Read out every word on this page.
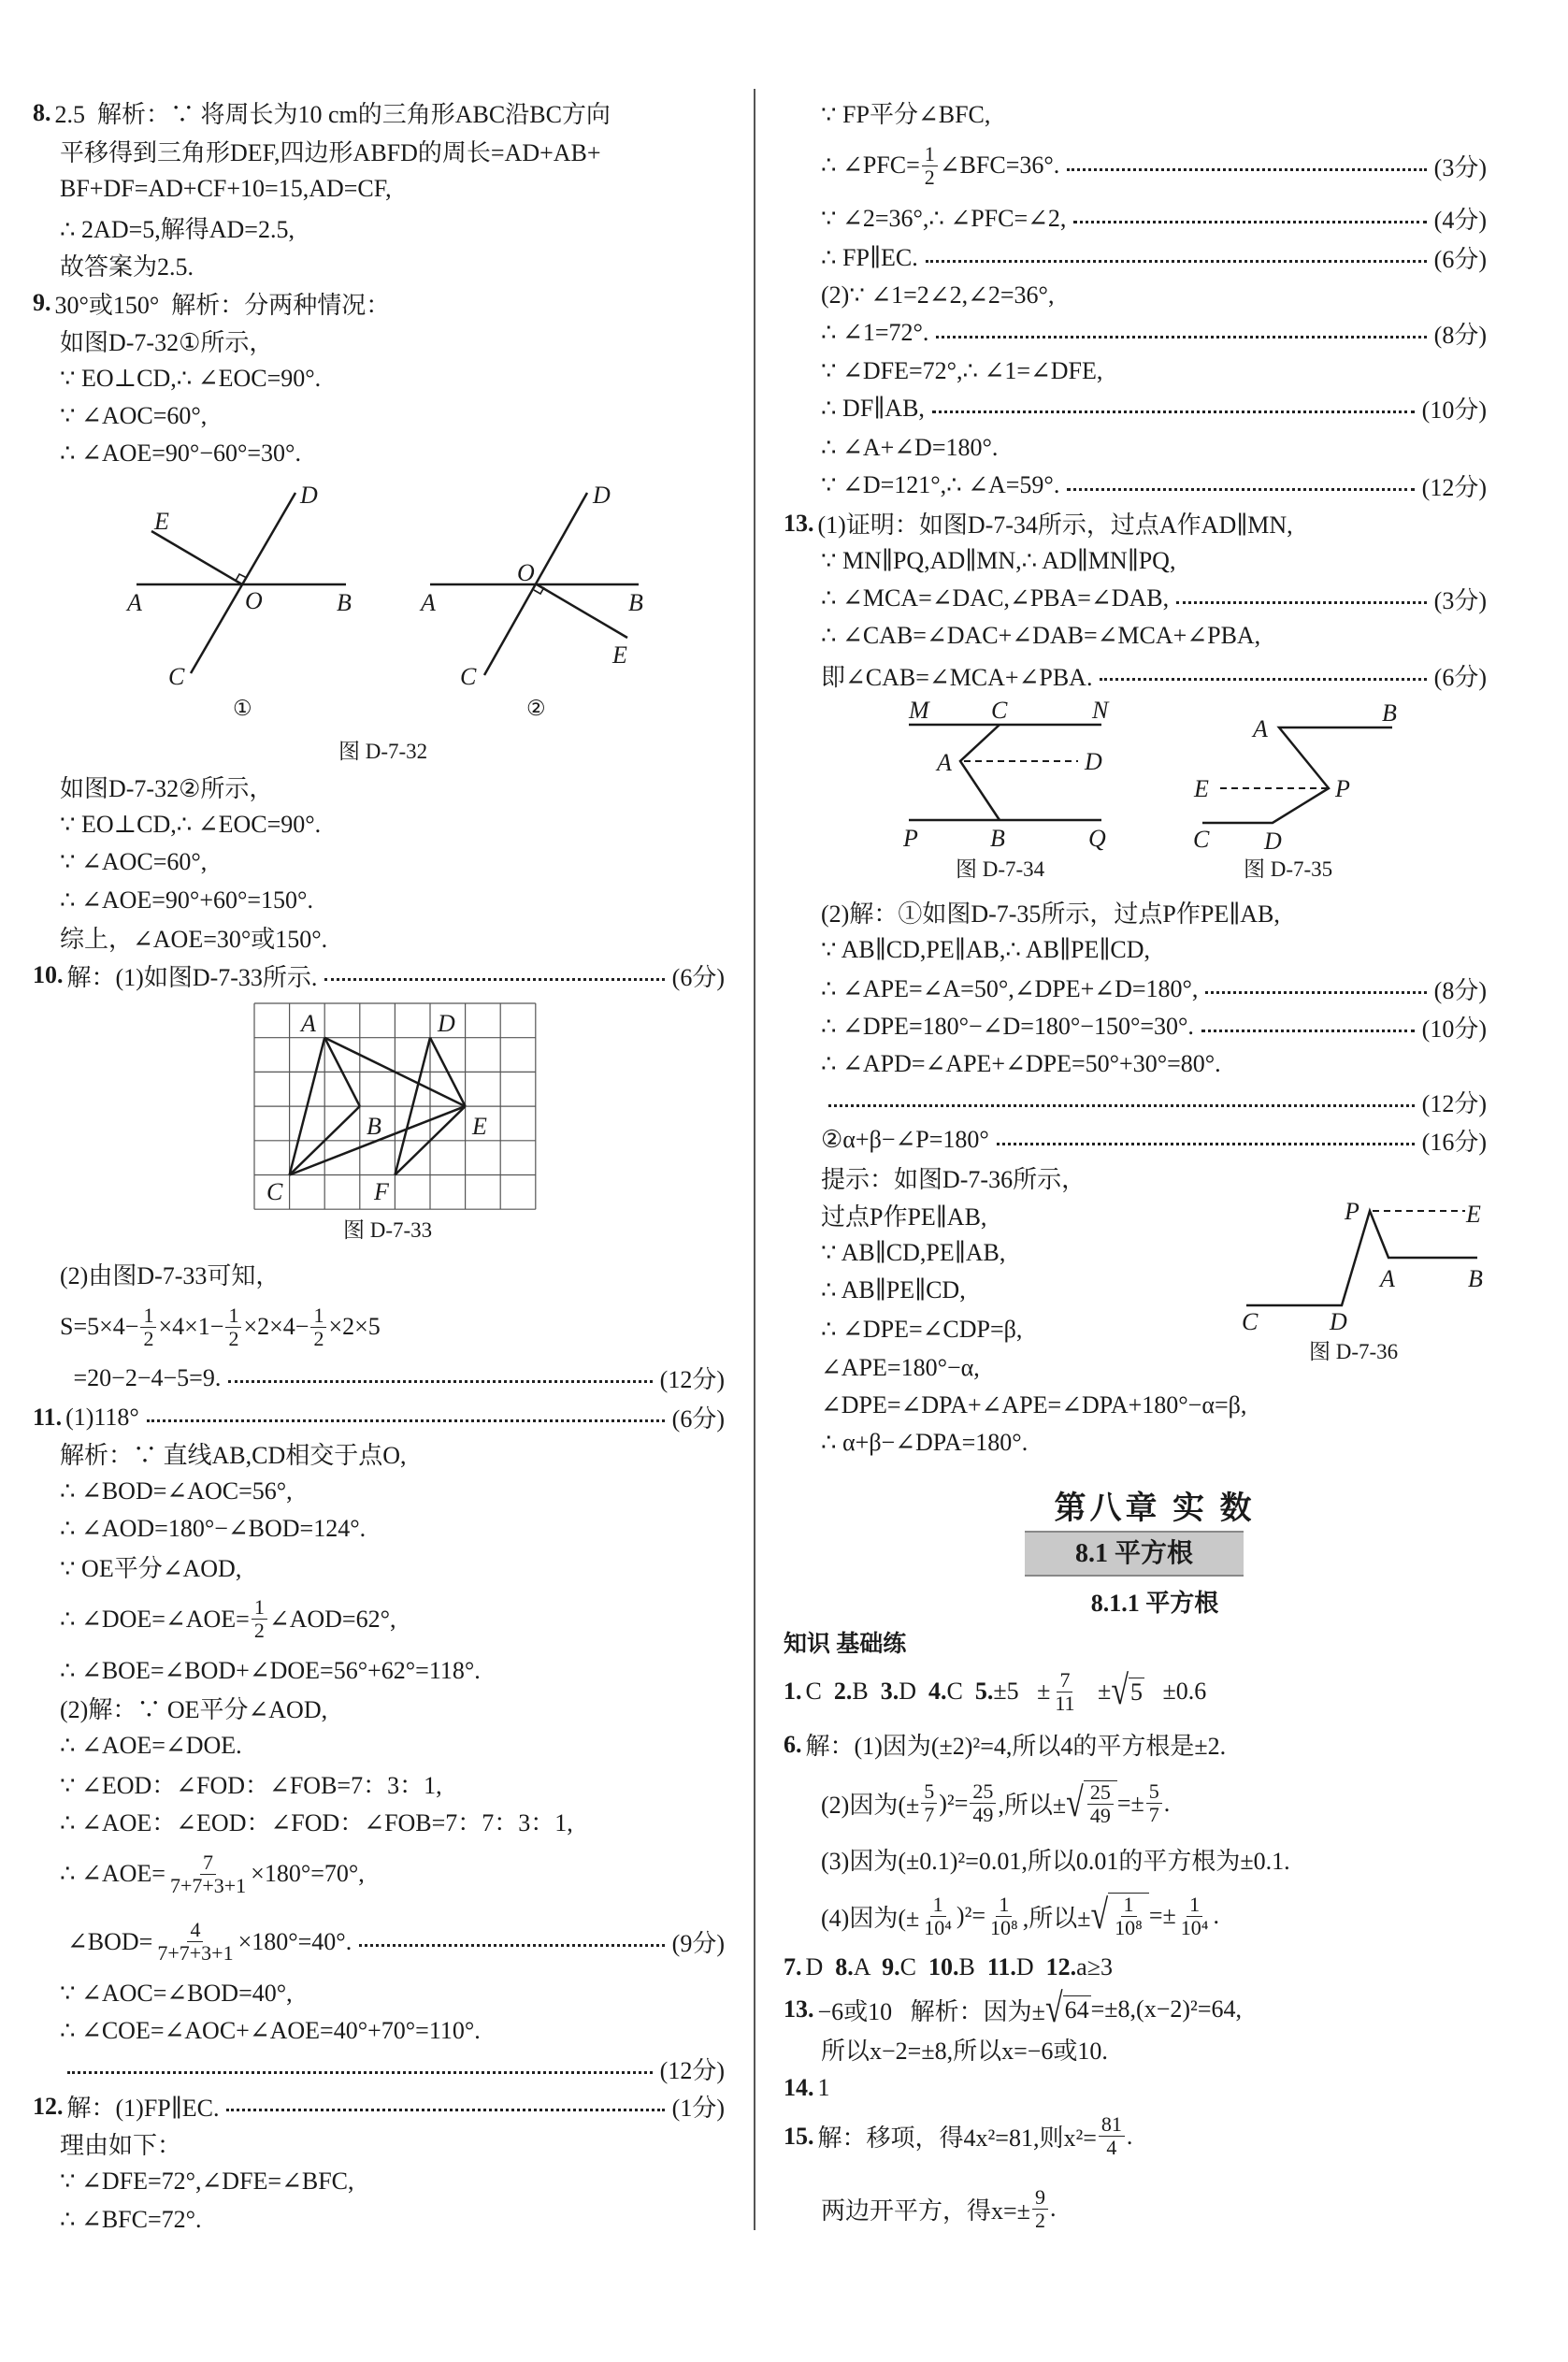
8. 2.5  解析：∵ 将周长为10 cm的三角形ABC沿BC方向
平移得到三角形DEF,四边形ABFD的周长=AD+AB+
BF+DF=AD+CF+10=15,AD=CF,
∴ 2AD=5,解得AD=2.5,
故答案为2.5.
9. 30°或150°  解析：分两种情况：
如图D-7-32①所示，
∵ EO⊥CD,∴ ∠EOC=90°.
∵ ∠AOC=60°,
∴ ∠AOE=90°−60°=30°.
如图D-7-32②所示，
∵ EO⊥CD,∴ ∠EOC=90°.
∵ ∠AOC=60°,
∴ ∠AOE=90°+60°=150°.
综上，∠AOE=30°或150°.
10. 解：(1)如图D-7-33所示.	(6分)
(2)由图D-7-33可知，
$S=5\times 4- \frac{1}{2} \times 4\times 1- \frac{1}{2} \times 2\times 4- \frac{1}{2} \times 2\times 5$
=20−2−4−5=9.	(12分)
11. (1)118°	(6分)
解析：∵ 直线AB,CD相交于点O,
∴ ∠BOD=∠AOC=56°,
∴ ∠AOD=180°−∠BOD=124°.
∵ OE平分∠AOD,
∴ ∠DOE=∠AOE= $\frac{1}{2}$ ∠AOD=62°,
∴ ∠BOE=∠BOD+∠DOE=56°+62°=118°.
(2)解：∵ OE平分∠AOD,
∴ ∠AOE=∠DOE.
∵ ∠EOD：∠FOD：∠FOB=7：3：1,
∴ ∠AOE：∠EOD：∠FOD：∠FOB=7：7：3：1,
∴ ∠AOE= $\frac{7}{7+7+3+1} \times 180^\circ=70^\circ$,
∠BOD= $\frac{4}{7+7+3+1} \times 180^\circ=40^\circ$.	(9分)
∵ ∠AOC=∠BOD=40°,
∴ ∠COE=∠AOC+∠AOE=40°+70°=110°.
(12分)
12. 解：(1)FP∥EC.	(1分)
理由如下：
∵ ∠DFE=72°,∠DFE=∠BFC,
∴ ∠BFC=72°.
∵ FP平分∠BFC,
∴ ∠PFC= $\frac{1}{2}$ ∠BFC=36°.	(3分)
∵ ∠2=36°,∴ ∠PFC=∠2,	(4分)
∴ FP∥EC.	(6分)
(2)∵ ∠1=2∠2,∠2=36°,
∴ ∠1=72°.	(8分)
∵ ∠DFE=72°,∴ ∠1=∠DFE,
∴ DF∥AB,	(10分)
∴ ∠A+∠D=180°.
∵ ∠D=121°,∴ ∠A=59°.	(12分)
13. (1)证明：如图D-7-34所示，过点A作AD∥MN,
∵ MN∥PQ,AD∥MN,∴ AD∥MN∥PQ,
∴ ∠MCA=∠DAC,∠PBA=∠DAB,	(3分)
∴ ∠CAB=∠DAC+∠DAB=∠MCA+∠PBA,
即∠CAB=∠MCA+∠PBA.	(6分)
(2)解：①如图D-7-35所示，过点P作PE∥AB,
∵ AB∥CD,PE∥AB,∴ AB∥PE∥CD,
∴ ∠APE=∠A=50°,∠DPE+∠D=180°,	(8分)
∴ ∠DPE=180°−∠D=180°−150°=30°.	(10分)
∴ ∠APD=∠APE+∠DPE=50°+30°=80°.
(12分)
②α+β−∠P=180°	(16分)
提示：如图D-7-36所示，
过点P作PE∥AB,
∵ AB∥CD,PE∥AB,
∴ AB∥PE∥CD,
∴ ∠DPE=∠CDP=β,
∠APE=180°−α,
∠DPE=∠DPA+∠APE=∠DPA+180°−α=β,
∴ α+β−∠DPA=180°.
1. C 2. B 3. D 4. C 5. $\pm 5 \pm \frac{7}{11}$ ± √ 5 ±0.6
6. 解：(1)因为(±2)²=4,所以4的平方根是±2.
(2)因为(± $\frac{5}{7} )^2= \frac{25}{49}$ ,所以± √ $\frac{25}{49} =\pm \frac{5}{7}$ .
(3)因为(±0.1)²=0.01,所以0.01的平方根为±0.1.
(4)因为(± $\frac{1}{\text{10⁴}} )^2= \frac{1}{\text{10⁸}}$ ,所以± √ $\frac{1}{\text{10⁸}} =\pm \frac{1}{\text{10⁴}}$ .
7. D 8. A 9. C 10. B 11. D 12. a≥3
13. −6或10   解析：因为± √ 64 =±8,(x−2)²=64,
所以x−2=±8,所以x=−6或10.
14. 1
15. 解：移项，得4x²=81,则$x^2= \frac{81}{4}$ .
两边开平方，得$x=\pm \frac{9}{2}$ .
第八章 实 数
8.1 平方根
8.1.1 平方根
知识 基础练
A	B
O
C
D
E
A	B
O
C
D
E
①	②
图 D-7-32
A
B
C
D
E
F
图 D-7-33
M	C	N
A	D
P	B	Q
图 D-7-34
A
B
E	P
C D
图 D-7-35
P	E
A	B
C	D
图 D-7-36
